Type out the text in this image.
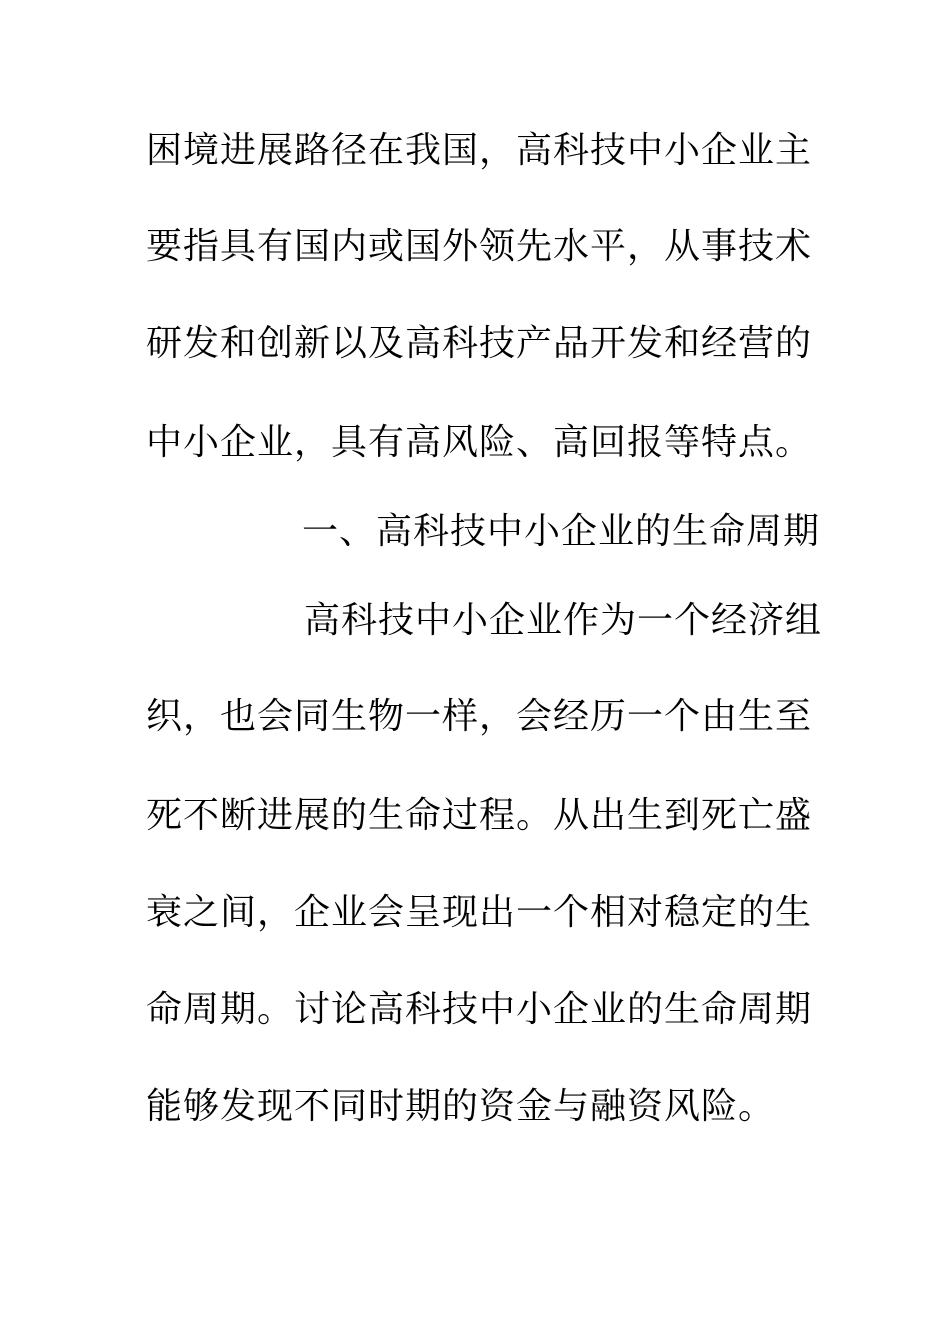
困境进展路径在我国，高科技中小企业主
要指具有国内或国外领先水平，从事技术
研发和创新以及高科技产品开发和经营的
中小企业，具有高风险、高回报等特点。
一、高科技中小企业的生命周期
高科技中小企业作为一个经济组
织，也会同生物一样，会经历一个由生至
死不断进展的生命过程。从出生到死亡盛
衰之间，企业会呈现出一个相对稳定的生
命周期。讨论高科技中小企业的生命周期
能够发现不同时期的资金与融资风险。
